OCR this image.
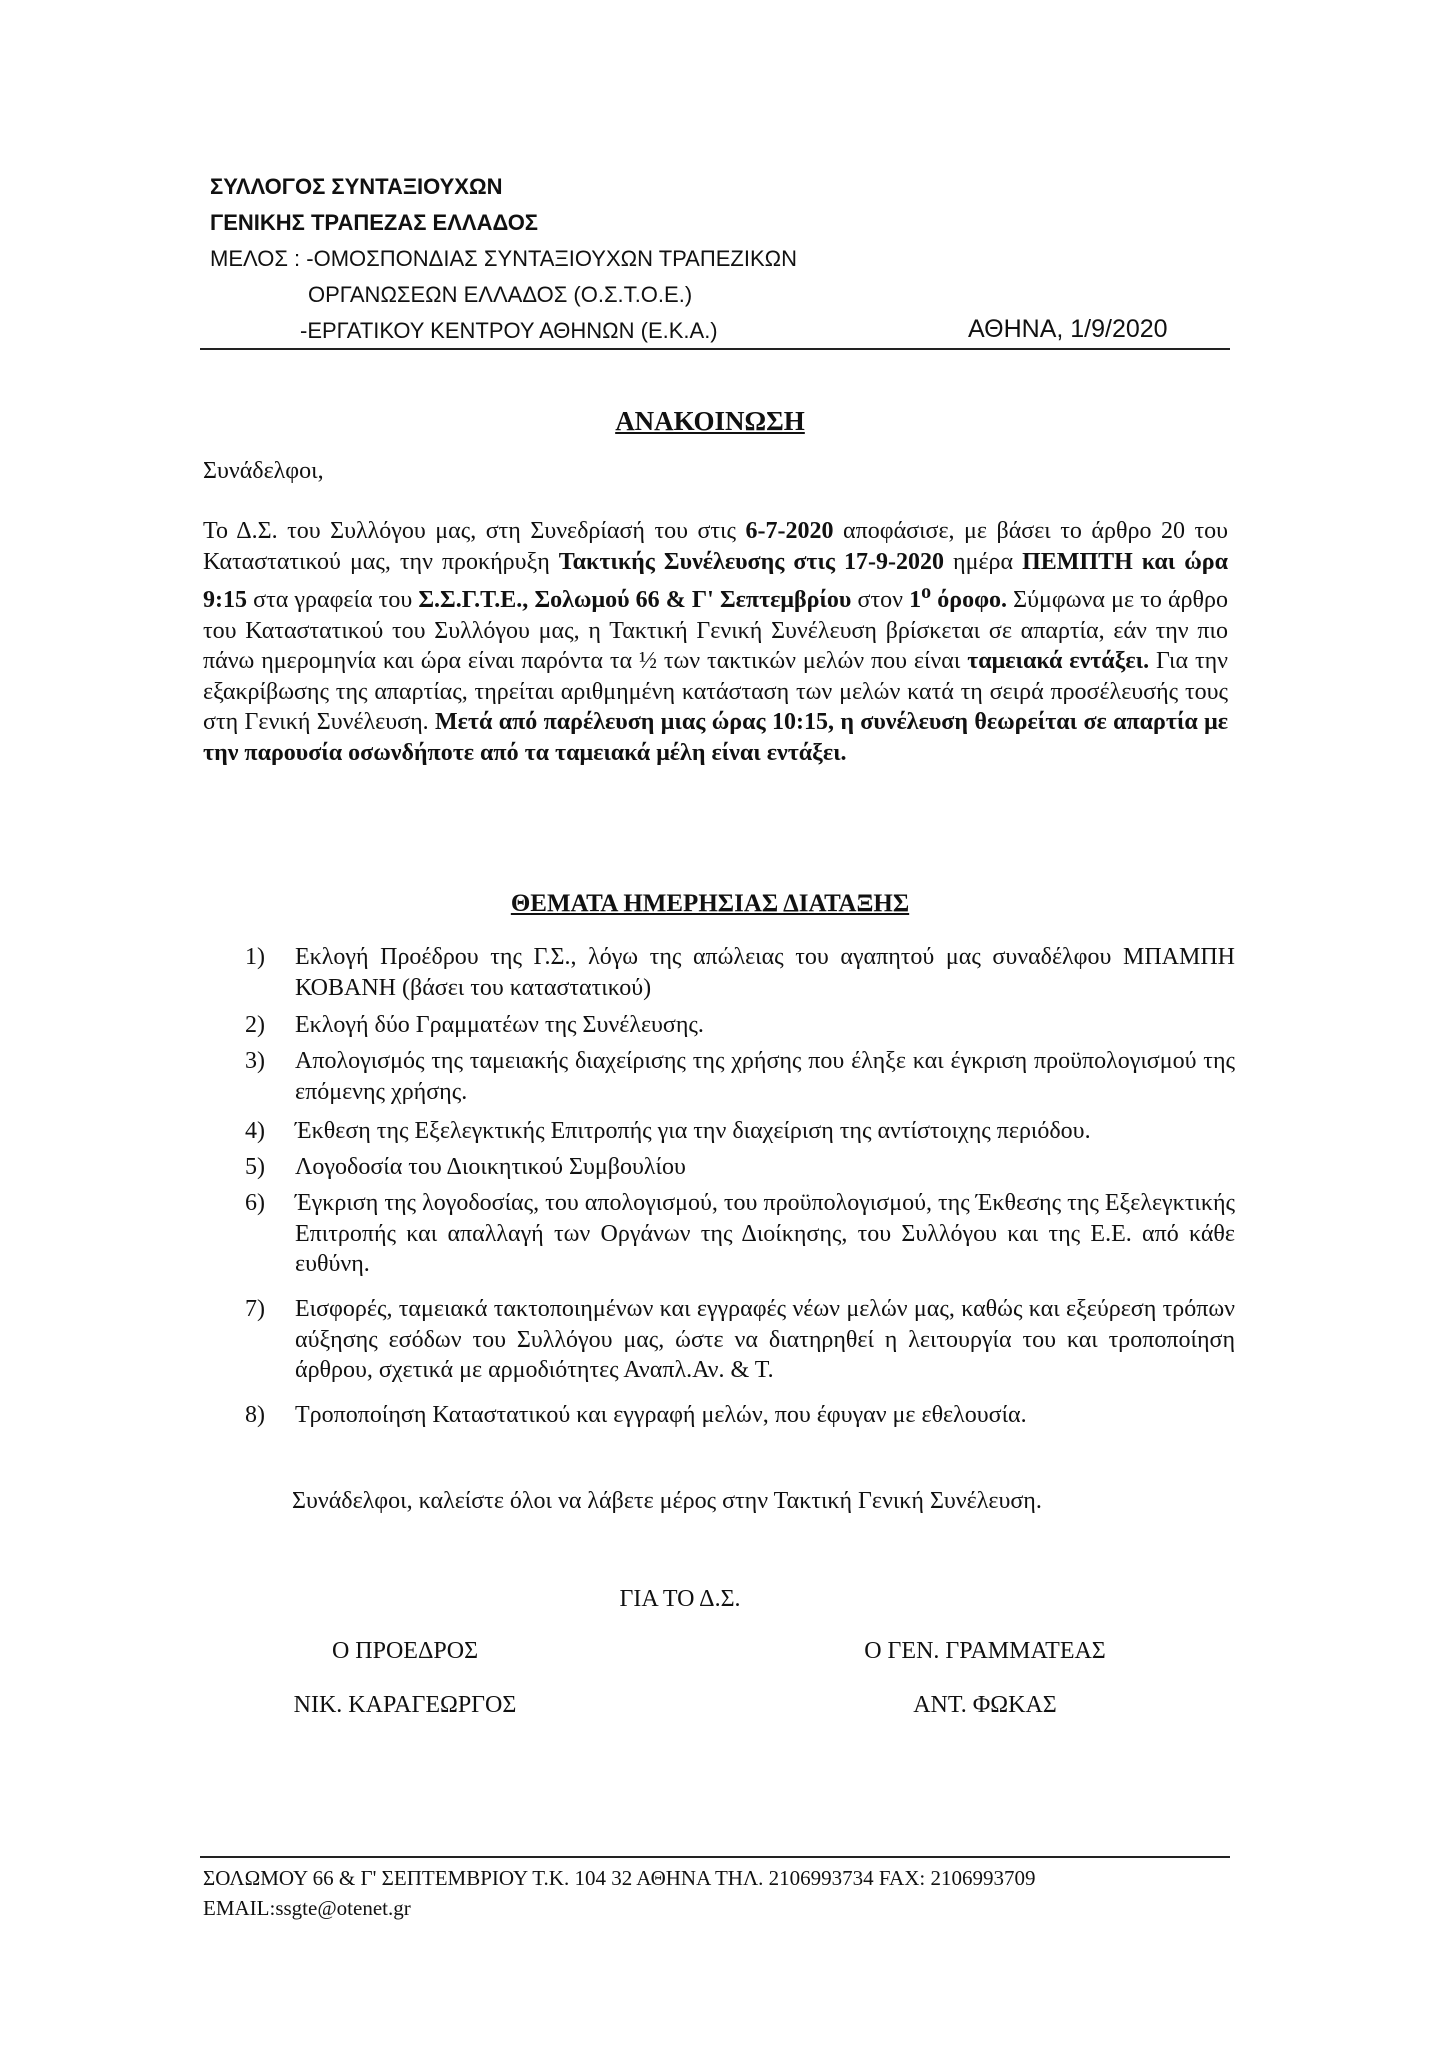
ΣΥΛΛΟΓΟΣ ΣΥΝΤΑΞΙΟΥΧΩΝ
ΓΕΝΙΚΗΣ ΤΡΑΠΕΖΑΣ ΕΛΛΑΔΟΣ
ΜΕΛΟΣ : -ΟΜΟΣΠΟΝΔΙΑΣ ΣΥΝΤΑΞΙΟΥΧΩΝ ΤΡΑΠΕΖΙΚΩΝ
ΟΡΓΑΝΩΣΕΩΝ ΕΛΛΑΔΟΣ (Ο.Σ.Τ.Ο.Ε.)
-ΕΡΓΑΤΙΚΟΥ ΚΕΝΤΡΟΥ ΑΘΗΝΩΝ (Ε.Κ.Α.)	ΑΘΗΝΑ, 1/9/2020
ΑΝΑΚΟΙΝΩΣΗ
Συνάδελφοι,
Το Δ.Σ. του Συλλόγου μας, στη Συνεδρίασή του στις 6-7-2020 αποφάσισε, με βάσει το άρθρο 20 του Καταστατικού μας, την προκήρυξη Τακτικής Συνέλευσης στις 17-9-2020 ημέρα ΠΕΜΠΤΗ και ώρα 9:15 στα γραφεία του Σ.Σ.Γ.Τ.Ε., Σολωμού 66 & Γ' Σεπτεμβρίου στον $1^o$ όροφο. Σύμφωνα με το άρθρο του Καταστατικού του Συλλόγου μας, η Τακτική Γενική Συνέλευση βρίσκεται σε απαρτία, εάν την πιο πάνω ημερομηνία και ώρα είναι παρόντα τα ½ των τακτικών μελών που είναι ταμειακά εντάξει. Για την εξακρίβωσης της απαρτίας, τηρείται αριθμημένη κατάσταση των μελών κατά τη σειρά προσέλευσής τους στη Γενική Συνέλευση. Μετά από παρέλευση μιας ώρας 10:15, η συνέλευση θεωρείται σε απαρτία με την παρουσία οσωνδήποτε από τα ταμειακά μέλη είναι εντάξει.
ΘΕΜΑΤΑ ΗΜΕΡΗΣΙΑΣ ΔΙΑΤΑΞΗΣ
1)	Εκλογή Προέδρου της Γ.Σ., λόγω της απώλειας του αγαπητού μας συναδέλφου ΜΠΑΜΠΗ ΚΟΒΑΝΗ (βάσει του καταστατικού)
2)	Εκλογή δύο Γραμματέων της Συνέλευσης.
3)	Απολογισμός της ταμειακής διαχείρισης της χρήσης που έληξε και έγκριση προϋπολογισμού της επόμενης χρήσης.
4)	Έκθεση της Εξελεγκτικής Επιτροπής για την διαχείριση της αντίστοιχης περιόδου.
5)	Λογοδοσία του Διοικητικού Συμβουλίου
6)	Έγκριση της λογοδοσίας, του απολογισμού, του προϋπολογισμού, της Έκθεσης της Εξελεγκτικής Επιτροπής και απαλλαγή των Οργάνων της Διοίκησης, του Συλλόγου και της Ε.Ε. από κάθε ευθύνη.
7)	Εισφορές, ταμειακά τακτοποιημένων και εγγραφές νέων μελών μας, καθώς και εξεύρεση τρόπων αύξησης εσόδων του Συλλόγου μας, ώστε να διατηρηθεί η λειτουργία του και τροποποίηση άρθρου, σχετικά με αρμοδιότητες Αναπλ.Αν. & Τ.
8)	Τροποποίηση Καταστατικού και εγγραφή μελών, που έφυγαν με εθελουσία.
Συνάδελφοι, καλείστε όλοι να λάβετε μέρος στην Τακτική Γενική Συνέλευση.
ΓΙΑ ΤΟ Δ.Σ.
Ο ΠΡΟΕΔΡΟΣ
ΝΙΚ. ΚΑΡΑΓΕΩΡΓΟΣ
Ο ΓΕΝ. ΓΡΑΜΜΑΤΕΑΣ
ΑΝΤ. ΦΩΚΑΣ
ΣΟΛΩΜΟΥ 66 & Γ' ΣΕΠΤΕΜΒΡΙΟΥ Τ.Κ. 104 32 ΑΘΗΝΑ ΤΗΛ. 2106993734 FAX: 2106993709
EMAIL:ssgte@otenet.gr
